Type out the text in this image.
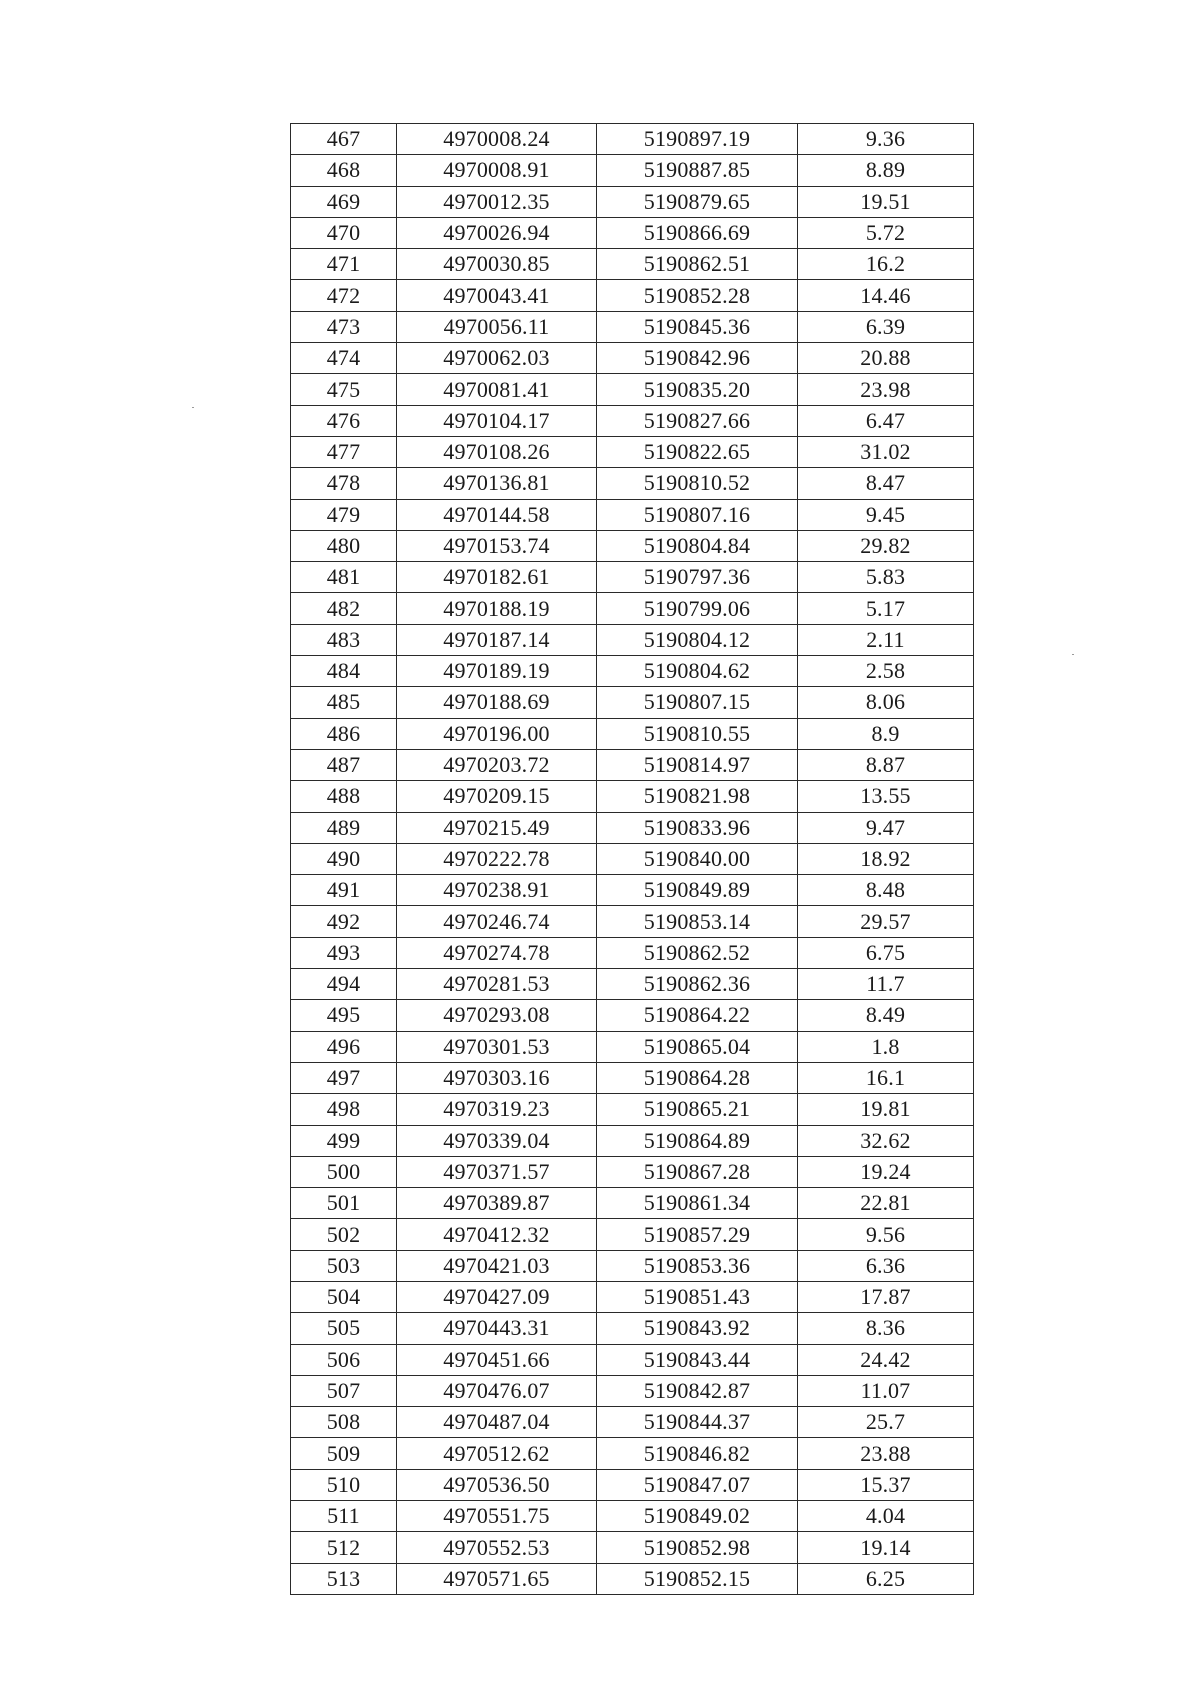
467	4970008.24	5190897.19	9.36
468	4970008.91	5190887.85	8.89
469	4970012.35	5190879.65	19.51
470	4970026.94	5190866.69	5.72
471	4970030.85	5190862.51	16.2
472	4970043.41	5190852.28	14.46
473	4970056.11	5190845.36	6.39
474	4970062.03	5190842.96	20.88
475	4970081.41	5190835.20	23.98
476	4970104.17	5190827.66	6.47
477	4970108.26	5190822.65	31.02
478	4970136.81	5190810.52	8.47
479	4970144.58	5190807.16	9.45
480	4970153.74	5190804.84	29.82
481	4970182.61	5190797.36	5.83
482	4970188.19	5190799.06	5.17
483	4970187.14	5190804.12	2.11
484	4970189.19	5190804.62	2.58
485	4970188.69	5190807.15	8.06
486	4970196.00	5190810.55	8.9
487	4970203.72	5190814.97	8.87
488	4970209.15	5190821.98	13.55
489	4970215.49	5190833.96	9.47
490	4970222.78	5190840.00	18.92
491	4970238.91	5190849.89	8.48
492	4970246.74	5190853.14	29.57
493	4970274.78	5190862.52	6.75
494	4970281.53	5190862.36	11.7
495	4970293.08	5190864.22	8.49
496	4970301.53	5190865.04	1.8
497	4970303.16	5190864.28	16.1
498	4970319.23	5190865.21	19.81
499	4970339.04	5190864.89	32.62
500	4970371.57	5190867.28	19.24
501	4970389.87	5190861.34	22.81
502	4970412.32	5190857.29	9.56
503	4970421.03	5190853.36	6.36
504	4970427.09	5190851.43	17.87
505	4970443.31	5190843.92	8.36
506	4970451.66	5190843.44	24.42
507	4970476.07	5190842.87	11.07
508	4970487.04	5190844.37	25.7
509	4970512.62	5190846.82	23.88
510	4970536.50	5190847.07	15.37
511	4970551.75	5190849.02	4.04
512	4970552.53	5190852.98	19.14
513	4970571.65	5190852.15	6.25
